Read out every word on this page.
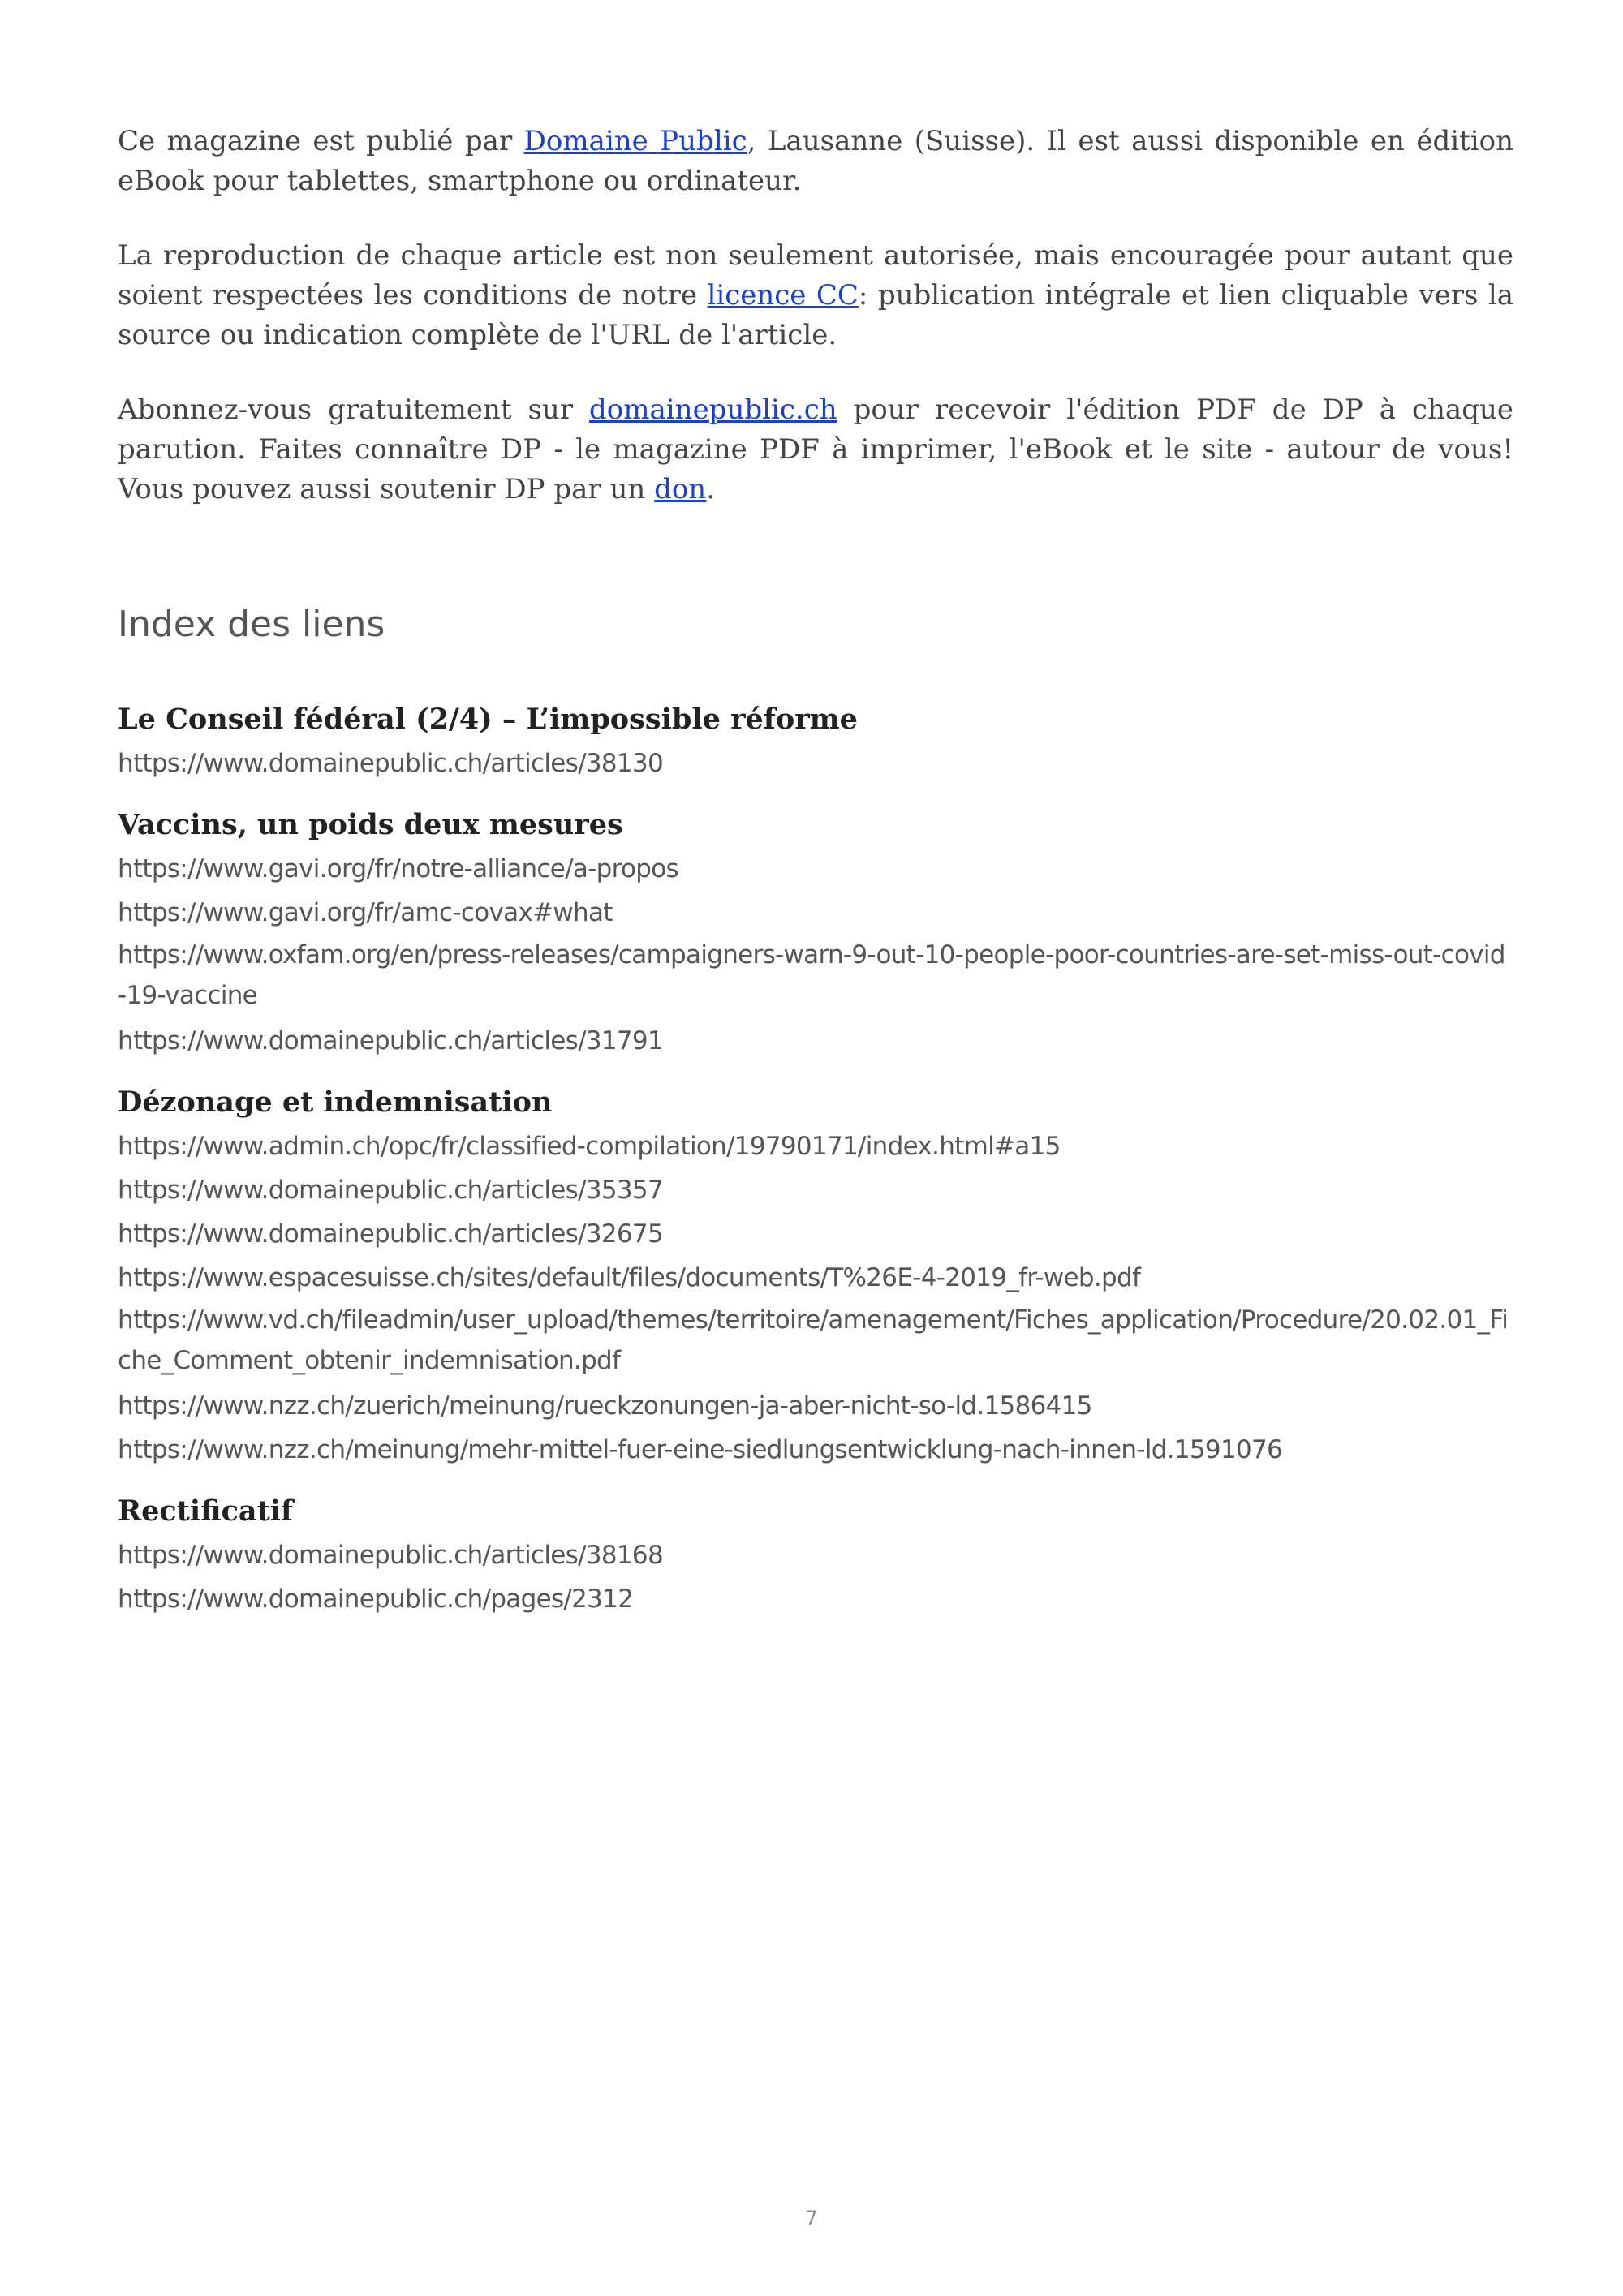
Ce magazine est publié par Domaine Public, Lausanne (Suisse). Il est aussi disponible en édition eBook pour tablettes, smartphone ou ordinateur.

La reproduction de chaque article est non seulement autorisée, mais encouragée pour autant que soient respectées les conditions de notre licence CC: publication intégrale et lien cliquable vers la source ou indication complète de l'URL de l'article.

Abonnez-vous gratuitement sur domainepublic.ch pour recevoir l'édition PDF de DP à chaque parution. Faites connaître DP - le magazine PDF à imprimer, l'eBook et le site - autour de vous! Vous pouvez aussi soutenir DP par un don.

Index des liens
Le Conseil fédéral (2/4) – L’impossible réforme
https://www.domainepublic.ch/articles/38130
Vaccins, un poids deux mesures
https://www.gavi.org/fr/notre-alliance/a-propos
https://www.gavi.org/fr/amc-covax#what
https://www.oxfam.org/en/press-releases/campaigners-warn-9-out-10-people-poor-countries-are-set-miss-out-covid-19-vaccine
https://www.domainepublic.ch/articles/31791
Dézonage et indemnisation
https://www.admin.ch/opc/fr/classified-compilation/19790171/index.html#a15
https://www.domainepublic.ch/articles/35357
https://www.domainepublic.ch/articles/32675
https://www.espacesuisse.ch/sites/default/files/documents/T%26E-4-2019_fr-web.pdf
https://www.vd.ch/fileadmin/user_upload/themes/territoire/amenagement/Fiches_application/Procedure/20.02.01_Fiche_Comment_obtenir_indemnisation.pdf
https://www.nzz.ch/zuerich/meinung/rueckzonungen-ja-aber-nicht-so-ld.1586415
https://www.nzz.ch/meinung/mehr-mittel-fuer-eine-siedlungsentwicklung-nach-innen-ld.1591076
Rectificatif
https://www.domainepublic.ch/articles/38168
https://www.domainepublic.ch/pages/2312
7
